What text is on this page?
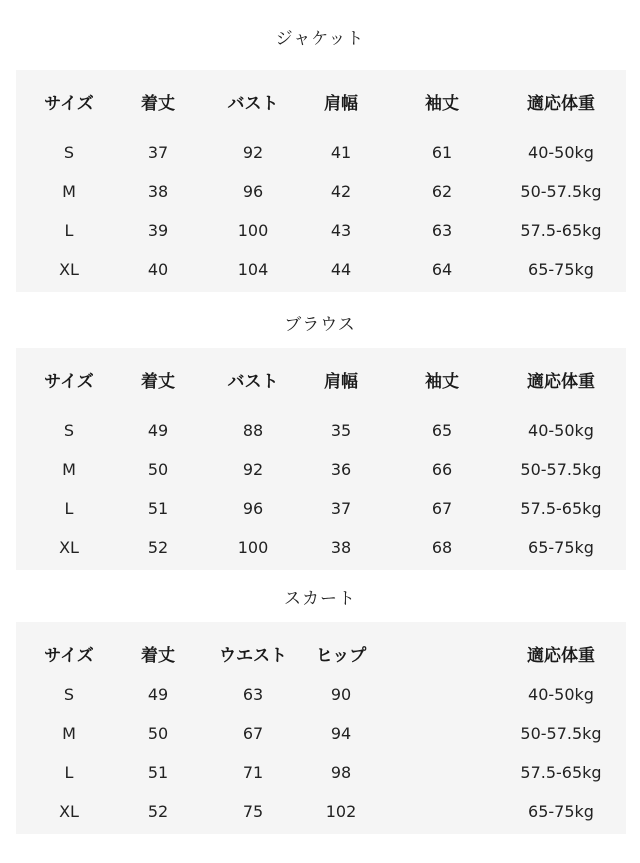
ジャケット
サイズ	着丈	バスト	肩幅	袖丈	適応体重
S	37	92	41	61	40-50kg
M	38	96	42	62	50-57.5kg
L	39	100	43	63	57.5-65kg
XL	40	104	44	64	65-75kg
ブラウス
サイズ	着丈	バスト	肩幅	袖丈	適応体重
S	49	88	35	65	40-50kg
M	50	92	36	66	50-57.5kg
L	51	96	37	67	57.5-65kg
XL	52	100	38	68	65-75kg
スカート
サイズ	着丈	ウエスト	ヒップ	適応体重
S	49	63	90	40-50kg
M	50	67	94	50-57.5kg
L	51	71	98	57.5-65kg
XL	52	75	102	65-75kg
